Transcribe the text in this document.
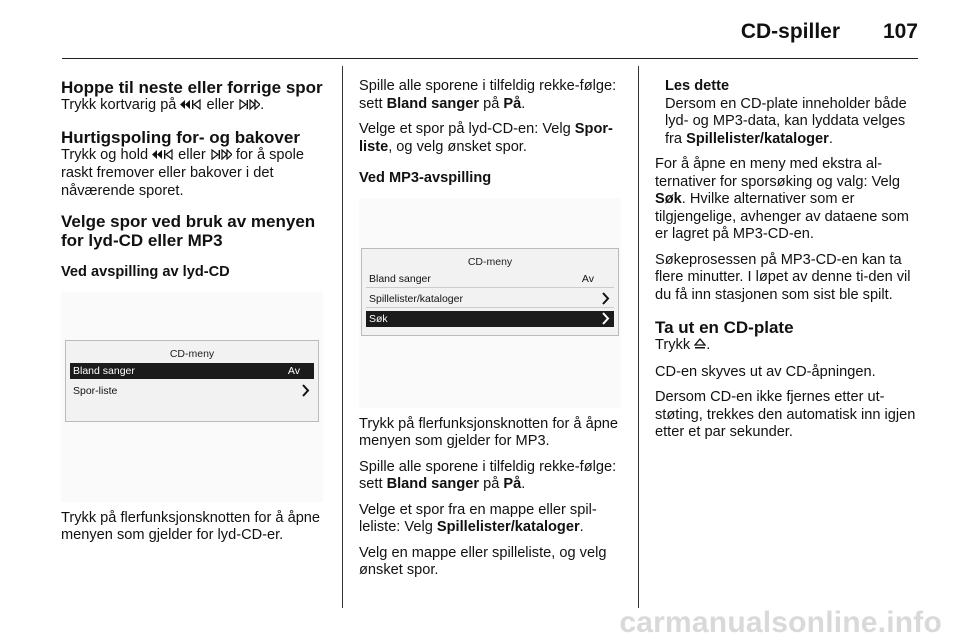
CD-spiller 107

Hoppe til neste eller forrige spor

Trykk kortvarig på  eller .

Hurtigspoling for- og bakover

Trykk og hold  eller  for å spole raskt fremover eller bakover i det nåværende sporet.

Velge spor ved bruk av menyen for lyd-CD eller MP3

Ved avspilling av lyd-CD

CD-meny
Bland sanger	Av
Spor-liste

Trykk på flerfunksjonsknotten for å åpne menyen som gjelder for lyd-CD-er.

Spille alle sporene i tilfeldig rekke-følge: sett Bland sanger på På.

Velge et spor på lyd-CD-en: Velg Spor-liste, og velg ønsket spor.

Ved MP3-avspilling

CD-meny
Bland sanger	Av
Spillelister/kataloger
Søk

Trykk på flerfunksjonsknotten for å åpne menyen som gjelder for MP3.

Spille alle sporene i tilfeldig rekke-følge: sett Bland sanger på På.

Velge et spor fra en mappe eller spil-leliste: Velg Spillelister/kataloger.

Velg en mappe eller spilleliste, og velg ønsket spor.

Les dette

Dersom en CD-plate inneholder både lyd- og MP3-data, kan lyddata velges fra Spillelister/kataloger.

For å åpne en meny med ekstra al-ternativer for sporsøking og valg: Velg Søk. Hvilke alternativer som er tilgjengelige, avhenger av dataene som er lagret på MP3-CD-en.

Søkeprosessen på MP3-CD-en kan ta flere minutter. I løpet av denne ti-den vil du få inn stasjonen som sist ble spilt.

Ta ut en CD-plate

Trykk .

CD-en skyves ut av CD-åpningen.

Dersom CD-en ikke fjernes etter ut-støting, trekkes den automatisk inn igjen etter et par sekunder.

carmanualsonline.info
